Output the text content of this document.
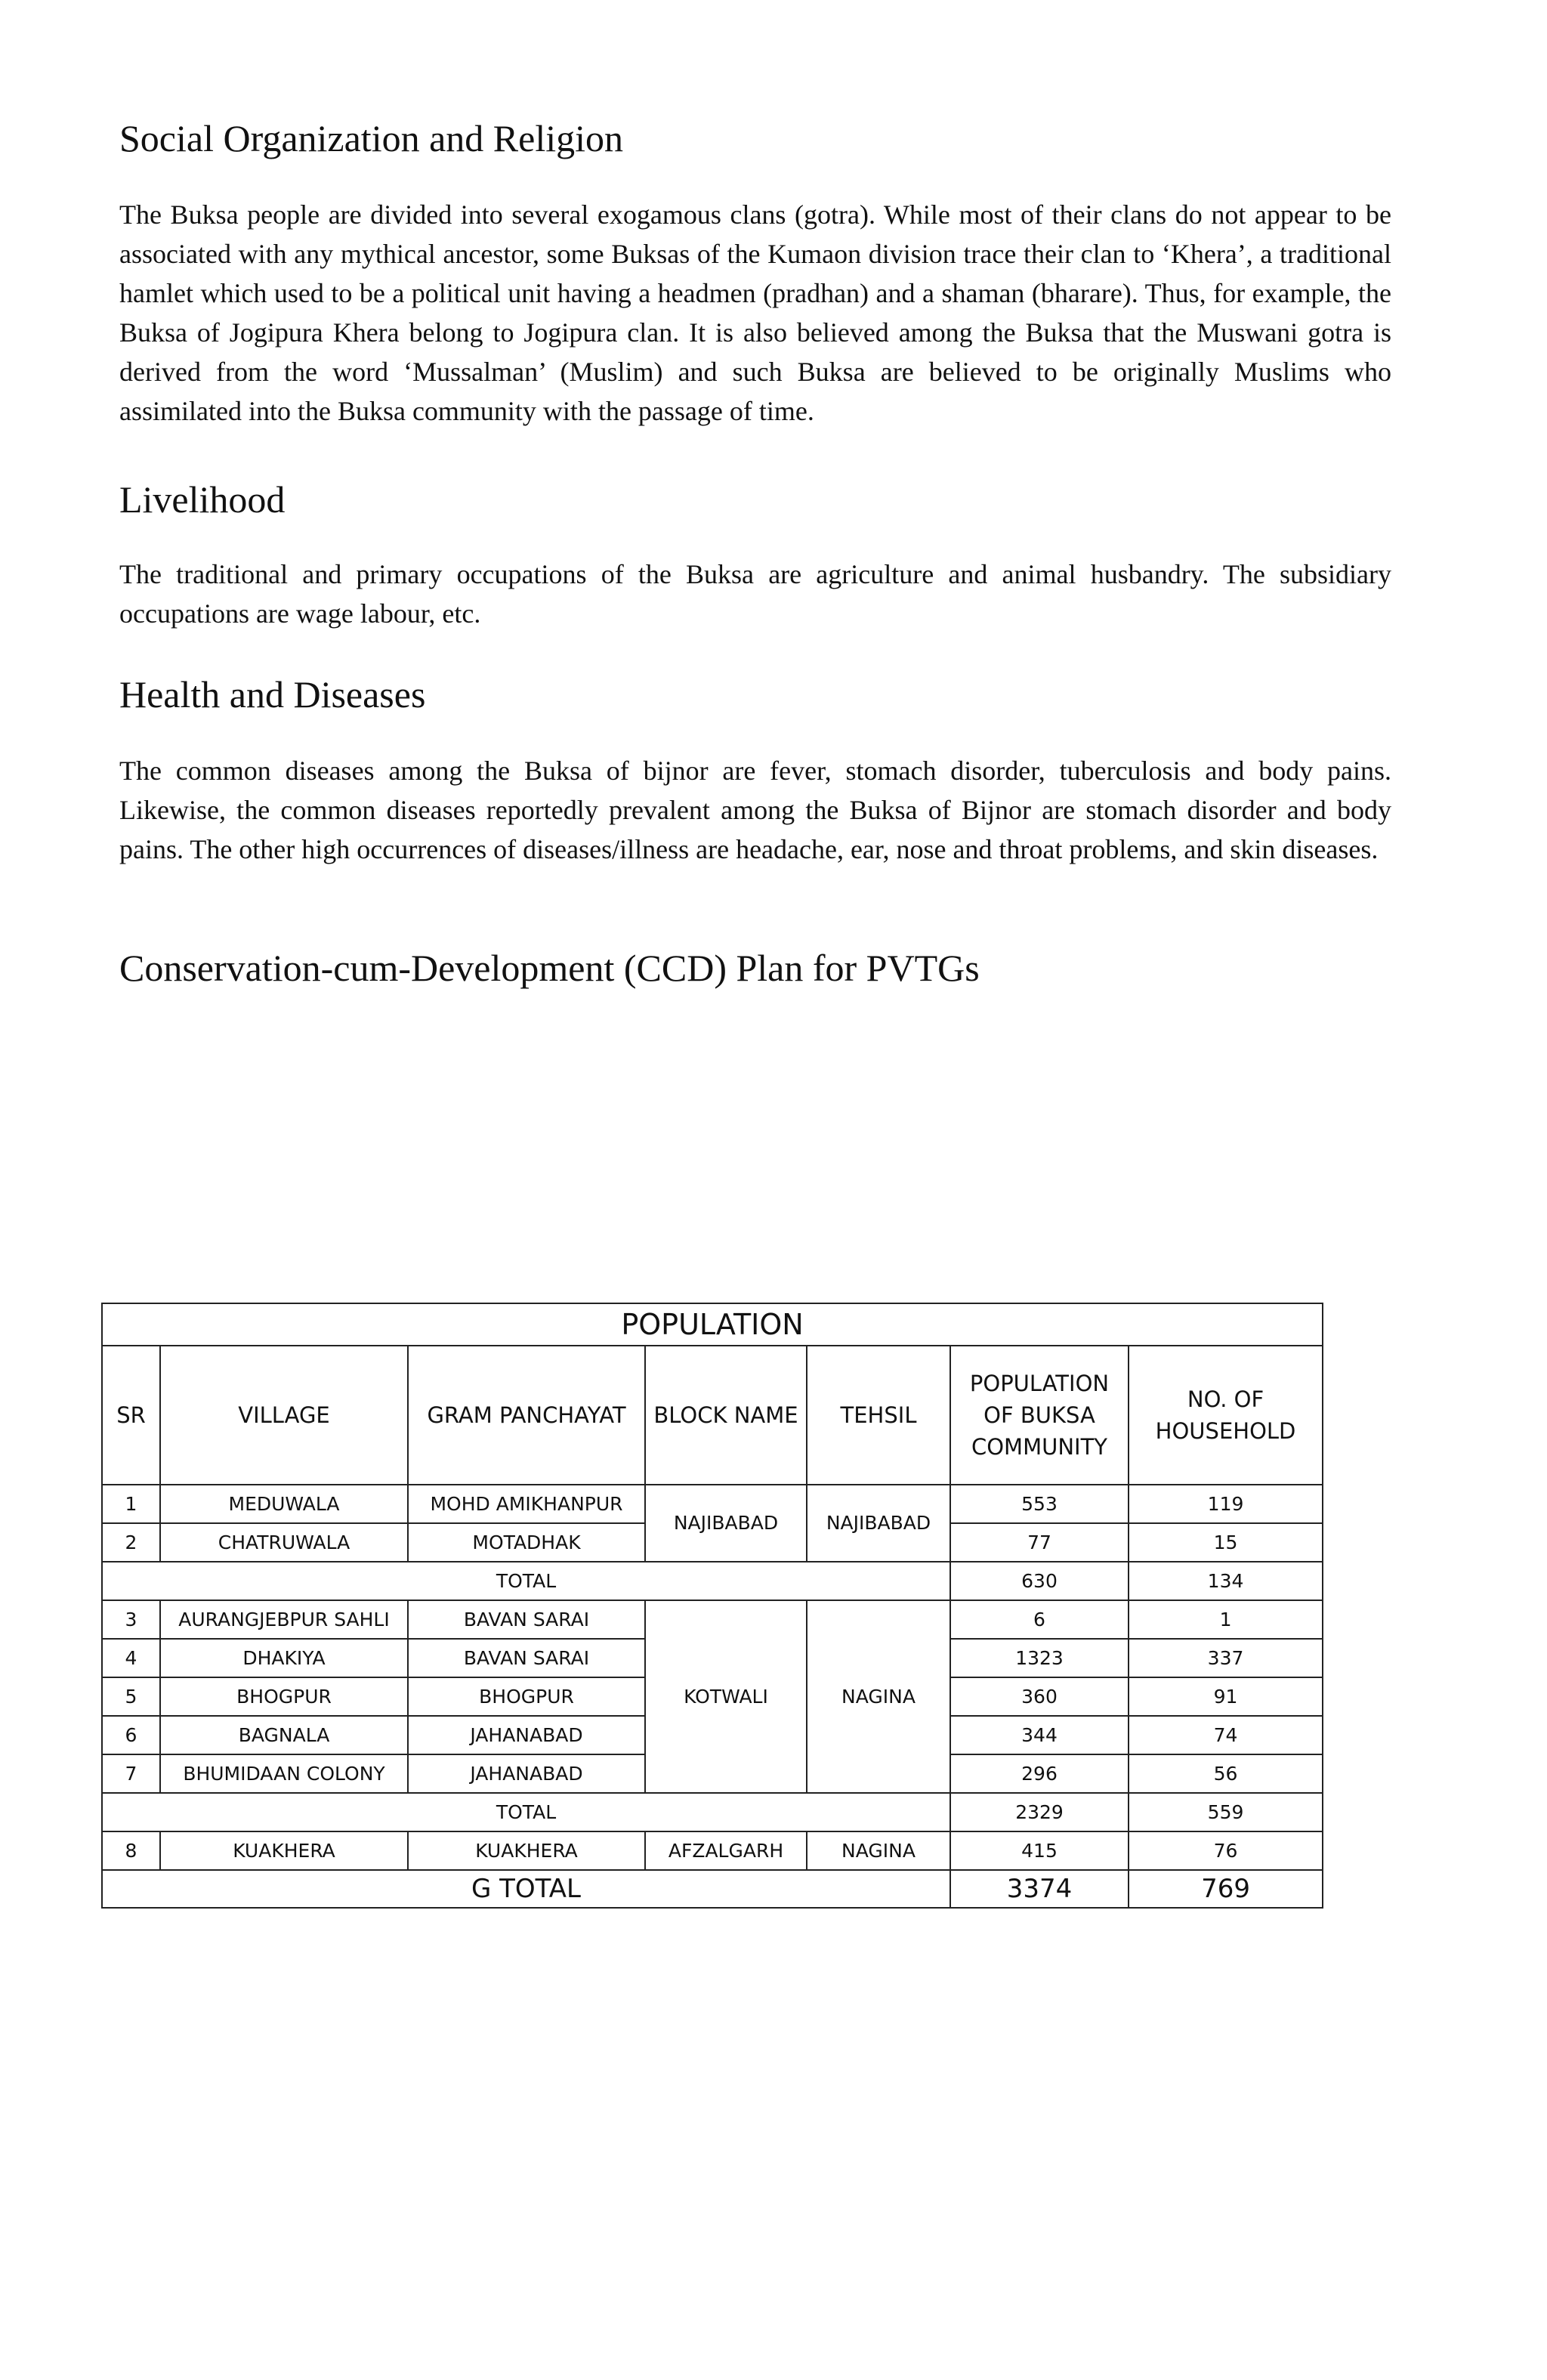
Social Organization and Religion

The Buksa people are divided into several exogamous clans (gotra). While most of their clans do not appear to be associated with any mythical ancestor, some Buksas of the Kumaon division trace their clan to ‘Khera’, a traditional hamlet which used to be a political unit having a headmen (pradhan) and a shaman (bharare). Thus, for example, the Buksa of Jogipura Khera belong to Jogipura clan. It is also believed among the Buksa that the Muswani gotra is derived from the word ‘Mussalman’ (Muslim) and such Buksa are believed to be originally Muslims who assimilated into the Buksa community with the passage of time.

Livelihood

The traditional and primary occupations of the Buksa are agriculture and animal husbandry. The subsidiary occupations are wage labour, etc.

Health and Diseases

The common diseases among the Buksa of bijnor are fever, stomach disorder, tuberculosis and body pains. Likewise, the common diseases reportedly prevalent among the Buksa of Bijnor are stomach disorder and body pains. The other high occurrences of diseases/illness are headache, ear, nose and throat problems, and skin diseases.

Conservation-cum-Development (CCD) Plan for PVTGs
POPULATION						
SR	VILLAGE	GRAM PANCHAYAT	BLOCK NAME	TEHSIL	POPULATION OF BUKSA COMMUNITY	NO. OF HOUSEHOLD
1	MEDUWALA	MOHD AMIKHANPUR	NAJIBABAD	NAJIBABAD	553	119
2	CHATRUWALA	MOTADHAK			77	15
TOTAL					630	134
3	AURANGJEBPUR SAHLI	BAVAN SARAI	KOTWALI	NAGINA	6	1
4	DHAKIYA	BAVAN SARAI			1323	337
5	BHOGPUR	BHOGPUR			360	91
6	BAGNALA	JAHANABAD			344	74
7	BHUMIDAAN COLONY	JAHANABAD			296	56
TOTAL					2329	559
8	KUAKHERA	KUAKHERA	AFZALGARH	NAGINA	415	76
G TOTAL					3374	769
